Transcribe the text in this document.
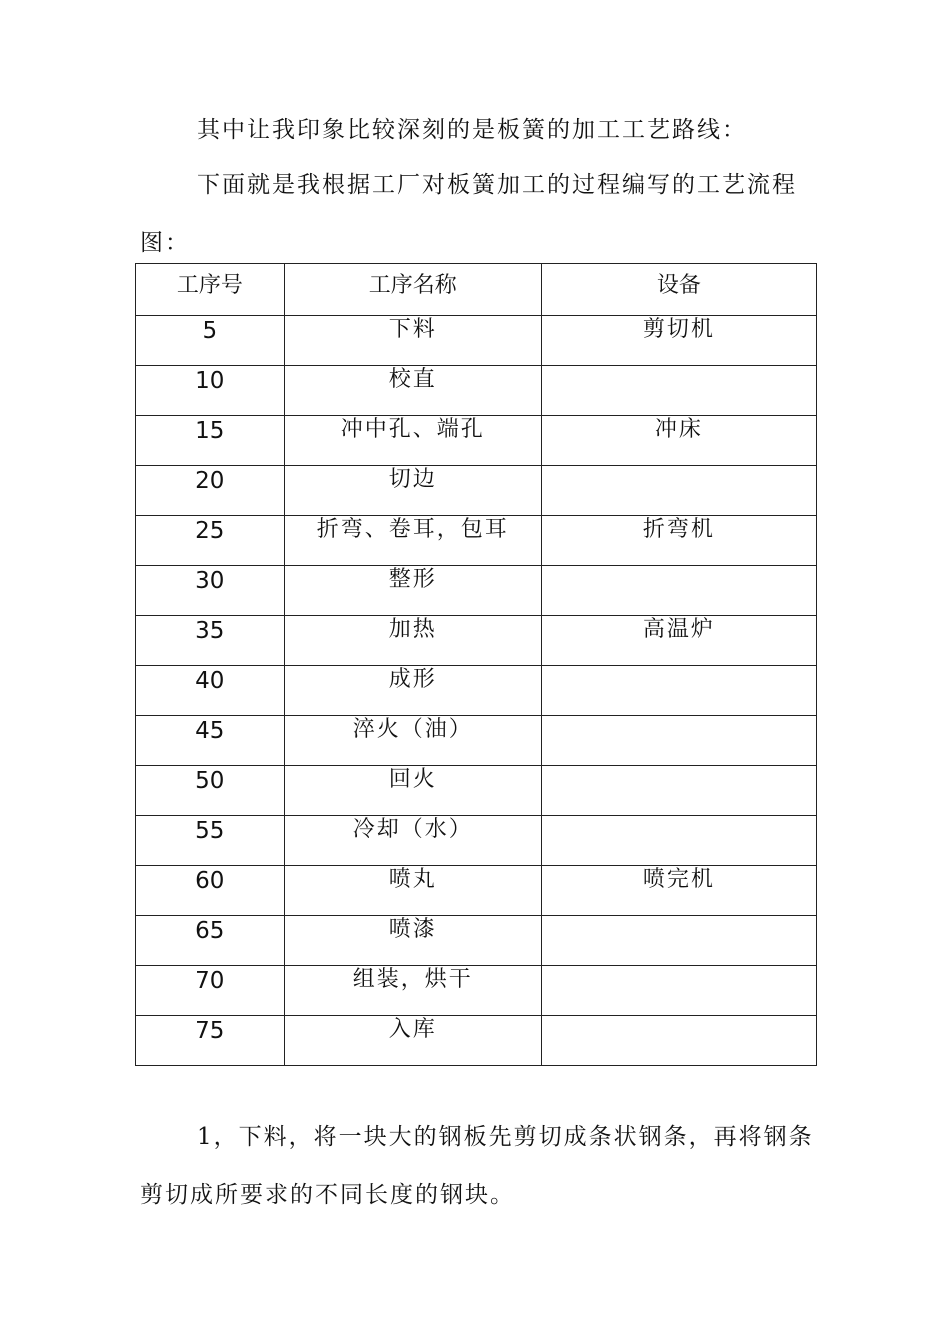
其中让我印象比较深刻的是板簧的加工工艺路线：

下面就是我根据工厂对板簧加工的过程编写的工艺流程图：

工序号	工序名称	设备
5	下料	剪切机
10	校直	
15	冲中孔、端孔	冲床
20	切边	
25	折弯、卷耳，包耳	折弯机
30	整形	
35	加热	高温炉
40	成形	
45	淬火（油）	
50	回火	
55	冷却（水）	
60	喷丸	喷完机
65	喷漆	
70	组装，烘干	
75	入库	

1，下料，将一块大的钢板先剪切成条状钢条，再将钢条剪切成所要求的不同长度的钢块。
